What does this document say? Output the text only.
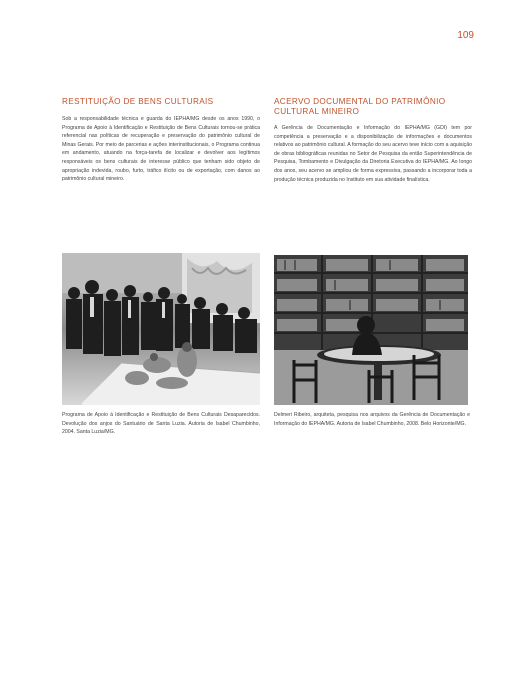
109
RESTITUIÇÃO DE BENS CULTURAIS

Sob a responsabilidade técnica e guarda do IEPHA/MG desde os anos 1990, o Programa de Apoio à Identificação e Restituição de Bens Culturais tornou-se prática referencial nas políticas de recuperação e preservação do patrimônio cultural de Minas Gerais. Por meio de parcerias e ações interinstitucionais, o Programa continua em andamento, atuando na força-tarefa de localizar e devolver aos legítimos responsáveis os bens culturais de interesse público que tenham sido objeto de apropriação indevida, roubo, furto, tráfico ilícito ou de exportação, com danos ao patrimônio cultural mineiro.

Programa de Apoio à Identificação e Restituição de Bens Culturais Desaparecidos. Devolução dos anjos do Santuário de Santa Luzia. Autoria de Isabel Chumbinho, 2004. Santa Luzia/MG.

ACERVO DOCUMENTAL DO PATRIMÔNIO CULTURAL MINEIRO

A Gerência de Documentação e Informação do IEPHA/MG (GDI) tem por competência a preservação e a disponibilização de informações e documentos relativos ao patrimônio cultural. A formação do seu acervo teve início com a aquisição de obras bibliográficas reunidas no Setor de Pesquisa da então Superintendência de Pesquisa, Tombamento e Divulgação da Diretoria Executiva do IEPHA/MG. Ao longo dos anos, seu acervo se ampliou de forma expressiva, passando a incorporar toda a produção técnica produzida no Instituto em sua atividade finalística.

Delmeri Ribeiro, arquiteta, pesquisa nos arquivos da Gerência de Documentação e Informação do IEPHA/MG. Autoria de Isabel Chumbinho, 2008. Belo Horizonte/MG.
